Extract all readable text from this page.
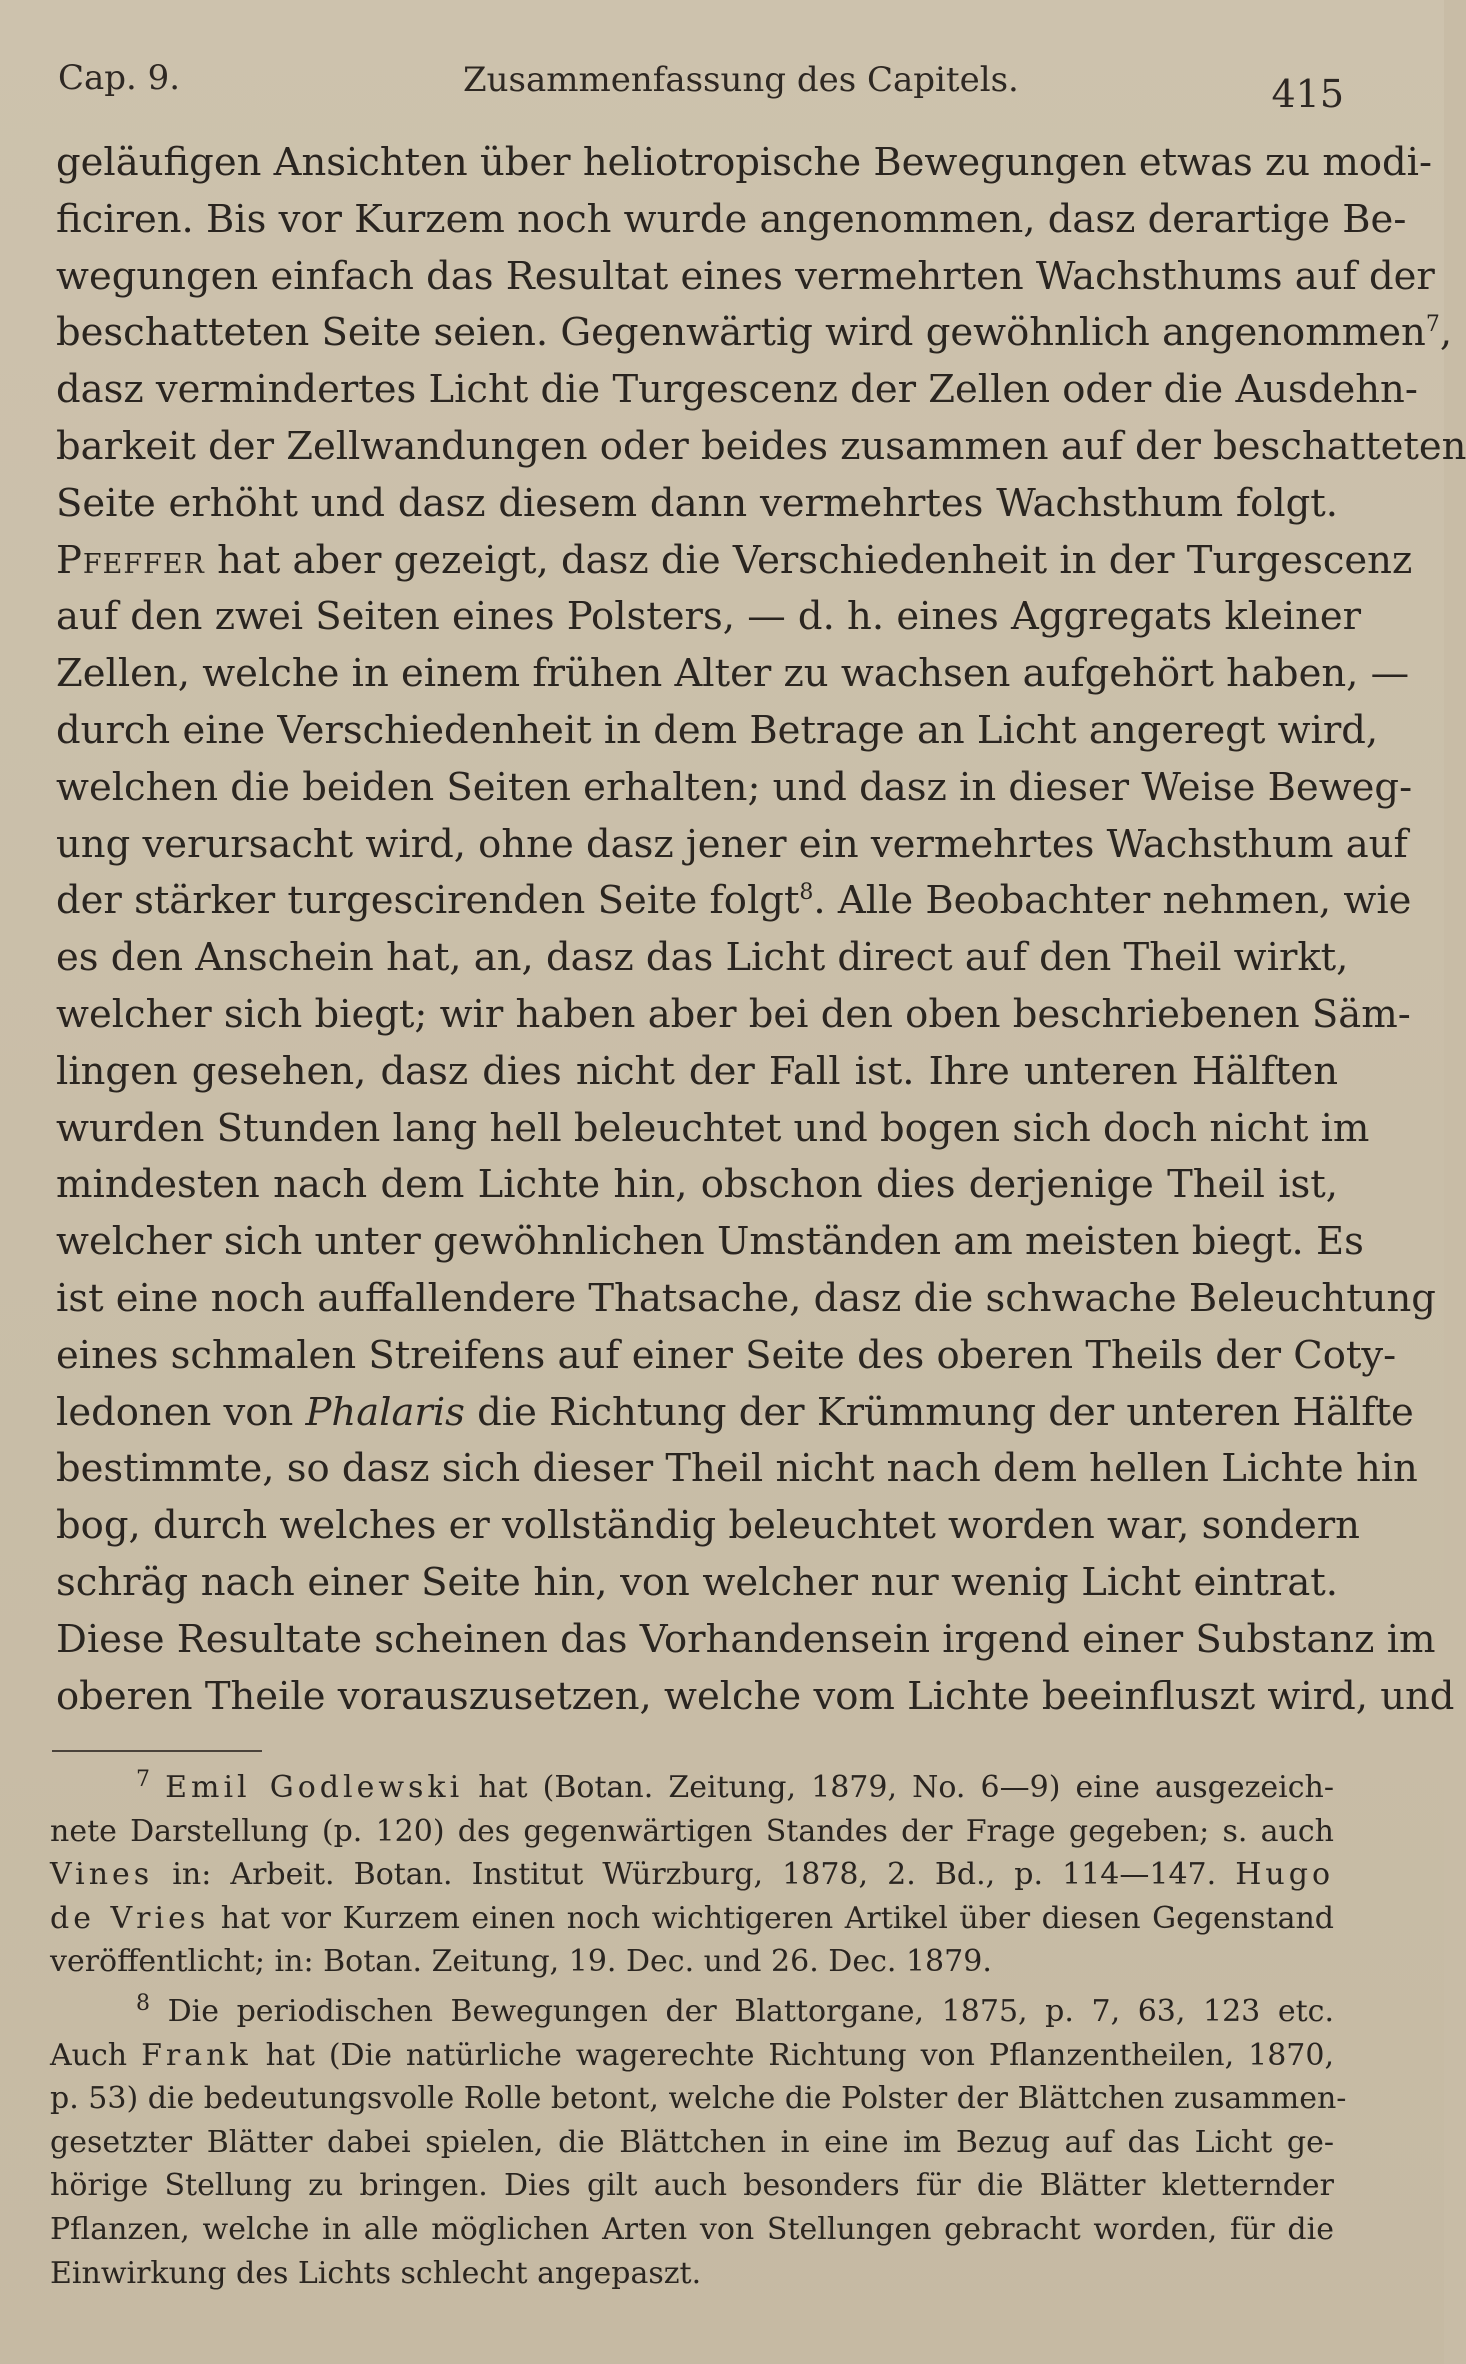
Cap. 9.	Zusammenfassung des Capitels.	415
geläufigen Ansichten über heliotropische Bewegungen etwas zu modi-
ficiren. Bis vor Kurzem noch wurde angenommen, dasz derartige Be-
wegungen einfach das Resultat eines vermehrten Wachsthums auf der
beschatteten Seite seien. Gegenwärtig wird gewöhnlich angenommen$^7$,
dasz vermindertes Licht die Turgescenz der Zellen oder die Ausdehn-
barkeit der Zellwandungen oder beides zusammen auf der beschatteten
Seite erhöht und dasz diesem dann vermehrtes Wachsthum folgt.
Pfeffer hat aber gezeigt, dasz die Verschiedenheit in der Turgescenz
auf den zwei Seiten eines Polsters, — d. h. eines Aggregats kleiner
Zellen, welche in einem frühen Alter zu wachsen aufgehört haben, —
durch eine Verschiedenheit in dem Betrage an Licht angeregt wird,
welchen die beiden Seiten erhalten; und dasz in dieser Weise Beweg-
ung verursacht wird, ohne dasz jener ein vermehrtes Wachsthum auf
der stärker turgescirenden Seite folgt$^8$. Alle Beobachter nehmen, wie
es den Anschein hat, an, dasz das Licht direct auf den Theil wirkt,
welcher sich biegt; wir haben aber bei den oben beschriebenen Säm-
lingen gesehen, dasz dies nicht der Fall ist. Ihre unteren Hälften
wurden Stunden lang hell beleuchtet und bogen sich doch nicht im
mindesten nach dem Lichte hin, obschon dies derjenige Theil ist,
welcher sich unter gewöhnlichen Umständen am meisten biegt. Es
ist eine noch auffallendere Thatsache, dasz die schwache Beleuchtung
eines schmalen Streifens auf einer Seite des oberen Theils der Coty-
ledonen von Phalaris die Richtung der Krümmung der unteren Hälfte
bestimmte, so dasz sich dieser Theil nicht nach dem hellen Lichte hin
bog, durch welches er vollständig beleuchtet worden war, sondern
schräg nach einer Seite hin, von welcher nur wenig Licht eintrat.
Diese Resultate scheinen das Vorhandensein irgend einer Substanz im
oberen Theile vorauszusetzen, welche vom Lichte beeinfluszt wird, und
$^7$ Emil Godlewski hat (Botan. Zeitung, 1879, No. 6—9) eine ausgezeich-
nete Darstellung (p. 120) des gegenwärtigen Standes der Frage gegeben; s. auch
Vines in: Arbeit. Botan. Institut Würzburg, 1878, 2. Bd., p. 114—147. Hugo
de Vries hat vor Kurzem einen noch wichtigeren Artikel über diesen Gegenstand
veröffentlicht; in: Botan. Zeitung, 19. Dec. und 26. Dec. 1879.
$^8$ Die periodischen Bewegungen der Blattorgane, 1875, p. 7, 63, 123 etc.
Auch Frank hat (Die natürliche wagerechte Richtung von Pflanzentheilen, 1870,
p. 53) die bedeutungsvolle Rolle betont, welche die Polster der Blättchen zusammen-
gesetzter Blätter dabei spielen, die Blättchen in eine im Bezug auf das Licht ge-
hörige Stellung zu bringen. Dies gilt auch besonders für die Blätter kletternder
Pflanzen, welche in alle möglichen Arten von Stellungen gebracht worden, für die
Einwirkung des Lichts schlecht angepaszt.
